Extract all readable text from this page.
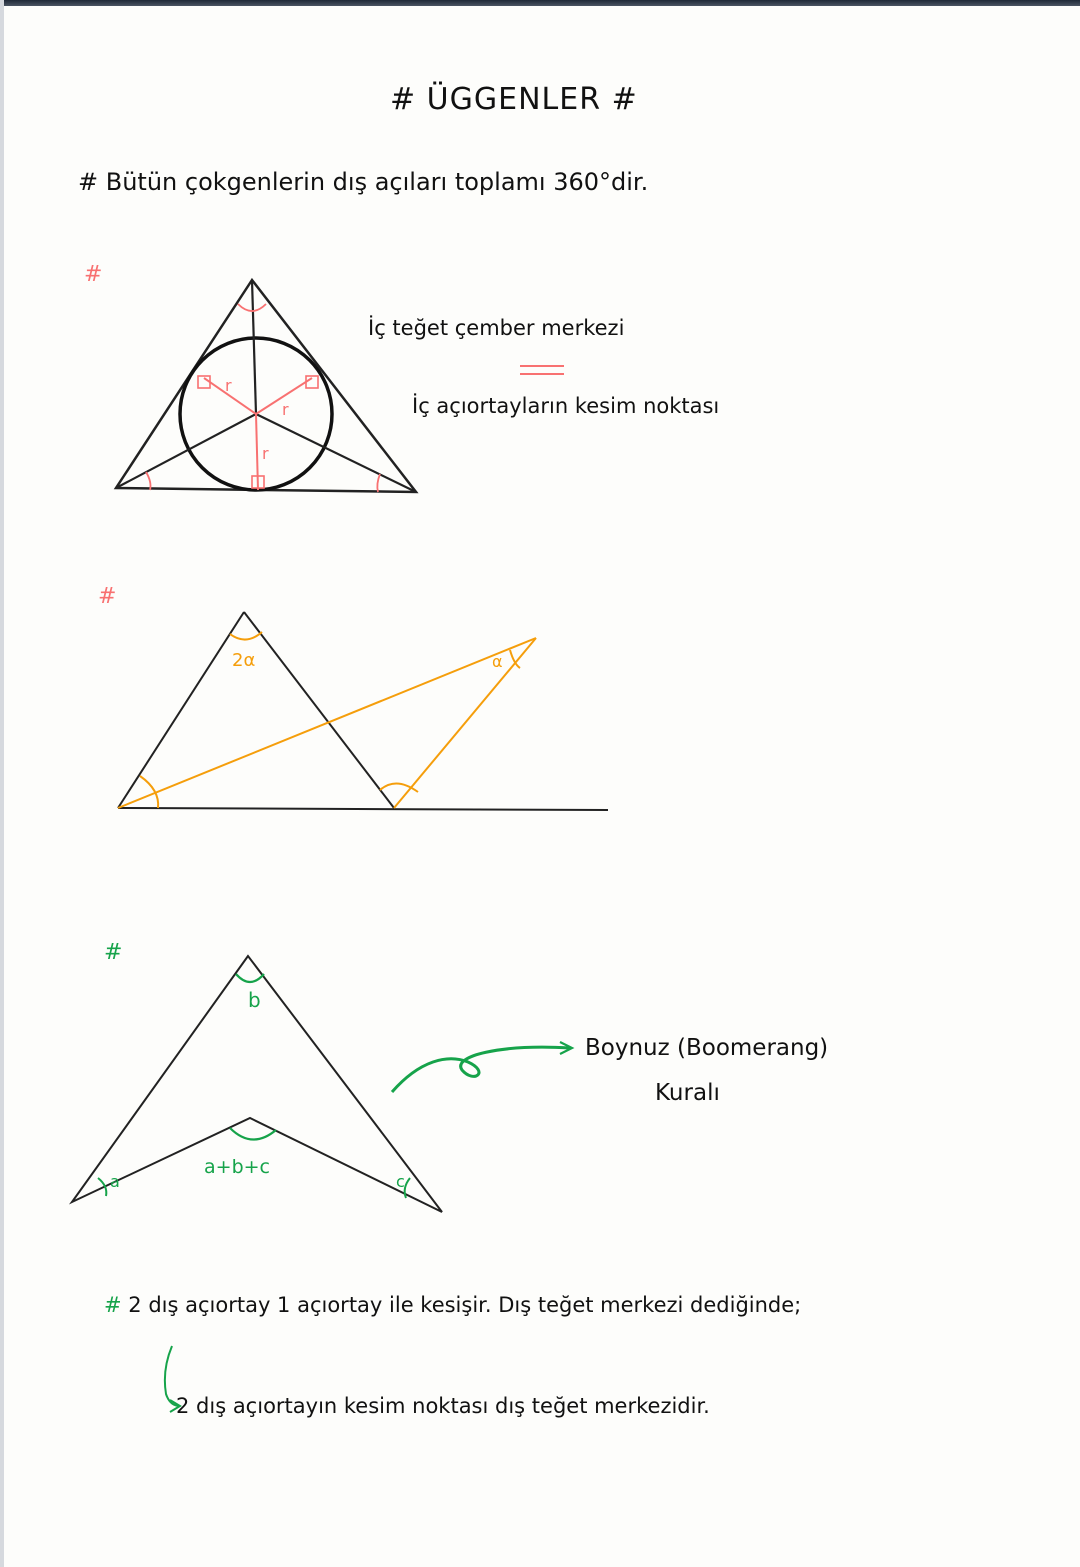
# ÜGGENLER #
# Bütün çokgenlerin dış açıları toplamı 360°dir.
#
#
#
r
r
r
2α	α
b
a	c
a+b+c
İç teğet çember merkezi
İç açıortayların kesim noktası
Boynuz (Boomerang)
Kuralı
# 2 dış açıortay 1 açıortay ile kesişir. Dış teğet merkezi dediğinde;
2 dış açıortayın kesim noktası dış teğet merkezidir.
